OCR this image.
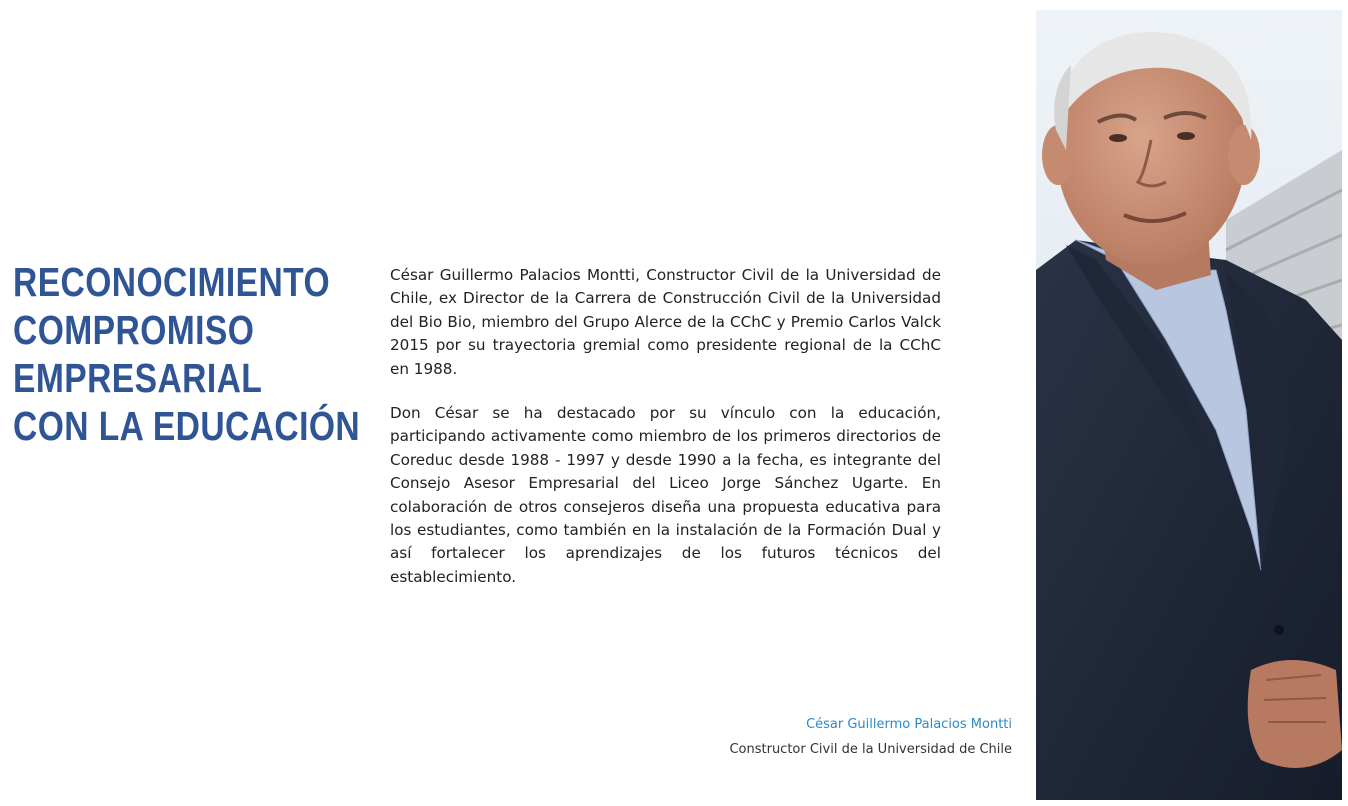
RECONOCIMIENTO
COMPROMISO
EMPRESARIAL
CON LA EDUCACIÓN

César Guillermo Palacios Montti, Constructor Civil de la Universidad de Chile, ex Director de la Carrera de Construcción Civil de la Universidad del Bio Bio, miembro del Grupo Alerce de la CChC y Premio Carlos Valck 2015 por su trayectoria gremial como presidente regional de la CChC en 1988.

Don César se ha destacado por su vínculo con la educación, participando activamente como miembro de los primeros directorios de Coreduc desde 1988 - 1997 y desde 1990 a la fecha, es integrante del Consejo Asesor Empresarial del Liceo Jorge Sánchez Ugarte. En colaboración de otros consejeros diseña una propuesta educativa para los estudiantes, como también en la instalación de la Formación Dual y así fortalecer los aprendizajes de los futuros técnicos del establecimiento.

César Guillermo Palacios Montti
Constructor Civil de la Universidad de Chile
